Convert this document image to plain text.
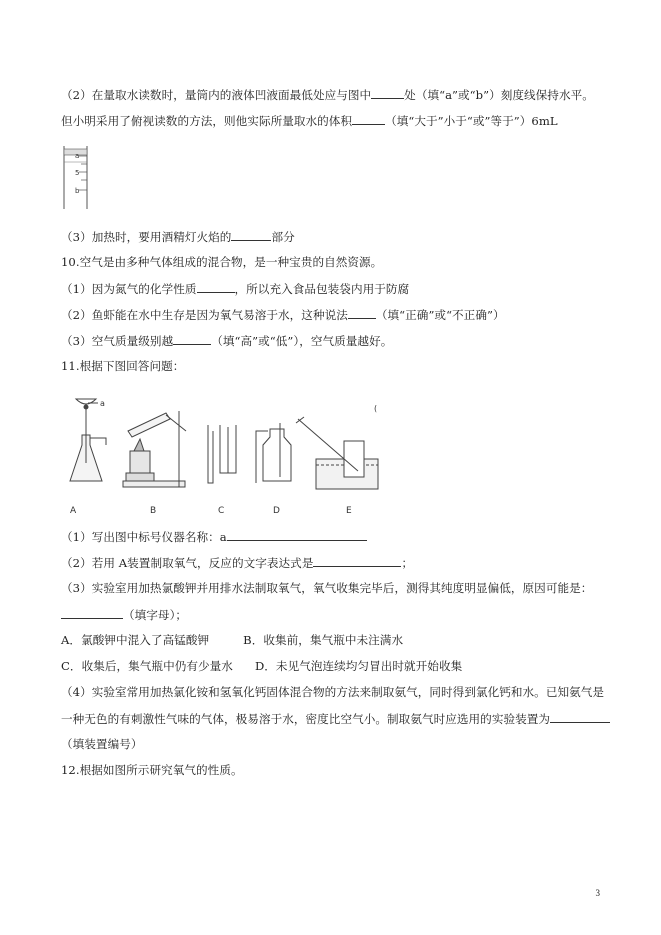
（2）在量取水读数时，量筒内的液体凹液面最低处应与图中	处（填“a”或“b”）刻度线保持水平。
但小明采用了俯视读数的方法，则他实际所量取水的体积	（填“大于”小于“或”等于”）6mL
a
5
b
（3）加热时，要用酒精灯火焰的	部分
10.空气是由多种气体组成的混合物，是一种宝贵的自然资源。
（1）因为氮气的化学性质	，所以充入食品包装袋内用于防腐
（2）鱼虾能在水中生存是因为氧气易溶于水，这种说法 （填“正确”或“不正确”）
（3）空气质量级别越	（填“高”或“低”），空气质量越好。
11.根据下图回答问题：
a
(
A	B	C	D	E
（1）写出图中标号仪器名称：a
（2）若用 A装置制取氧气，反应的文字表达式是	；
（3）实验室用加热氯酸钾并用排水法制取氧气，氧气收集完毕后，测得其纯度明显偏低，原因可能是：
（填字母）；
A．氯酸钾中混入了高锰酸钾	B．收集前，集气瓶中未注满水
C．收集后，集气瓶中仍有少量水 D．未见气泡连续均匀冒出时就开始收集
（4）实验室常用加热氯化铵和氢氧化钙固体混合物的方法来制取氨气，同时得到氯化钙和水。已知氨气是
一种无色的有刺激性气味的气体，极易溶于水，密度比空气小。制取氨气时应选用的实验装置为
（填装置编号）
12.根据如图所示研究氧气的性质。
3
